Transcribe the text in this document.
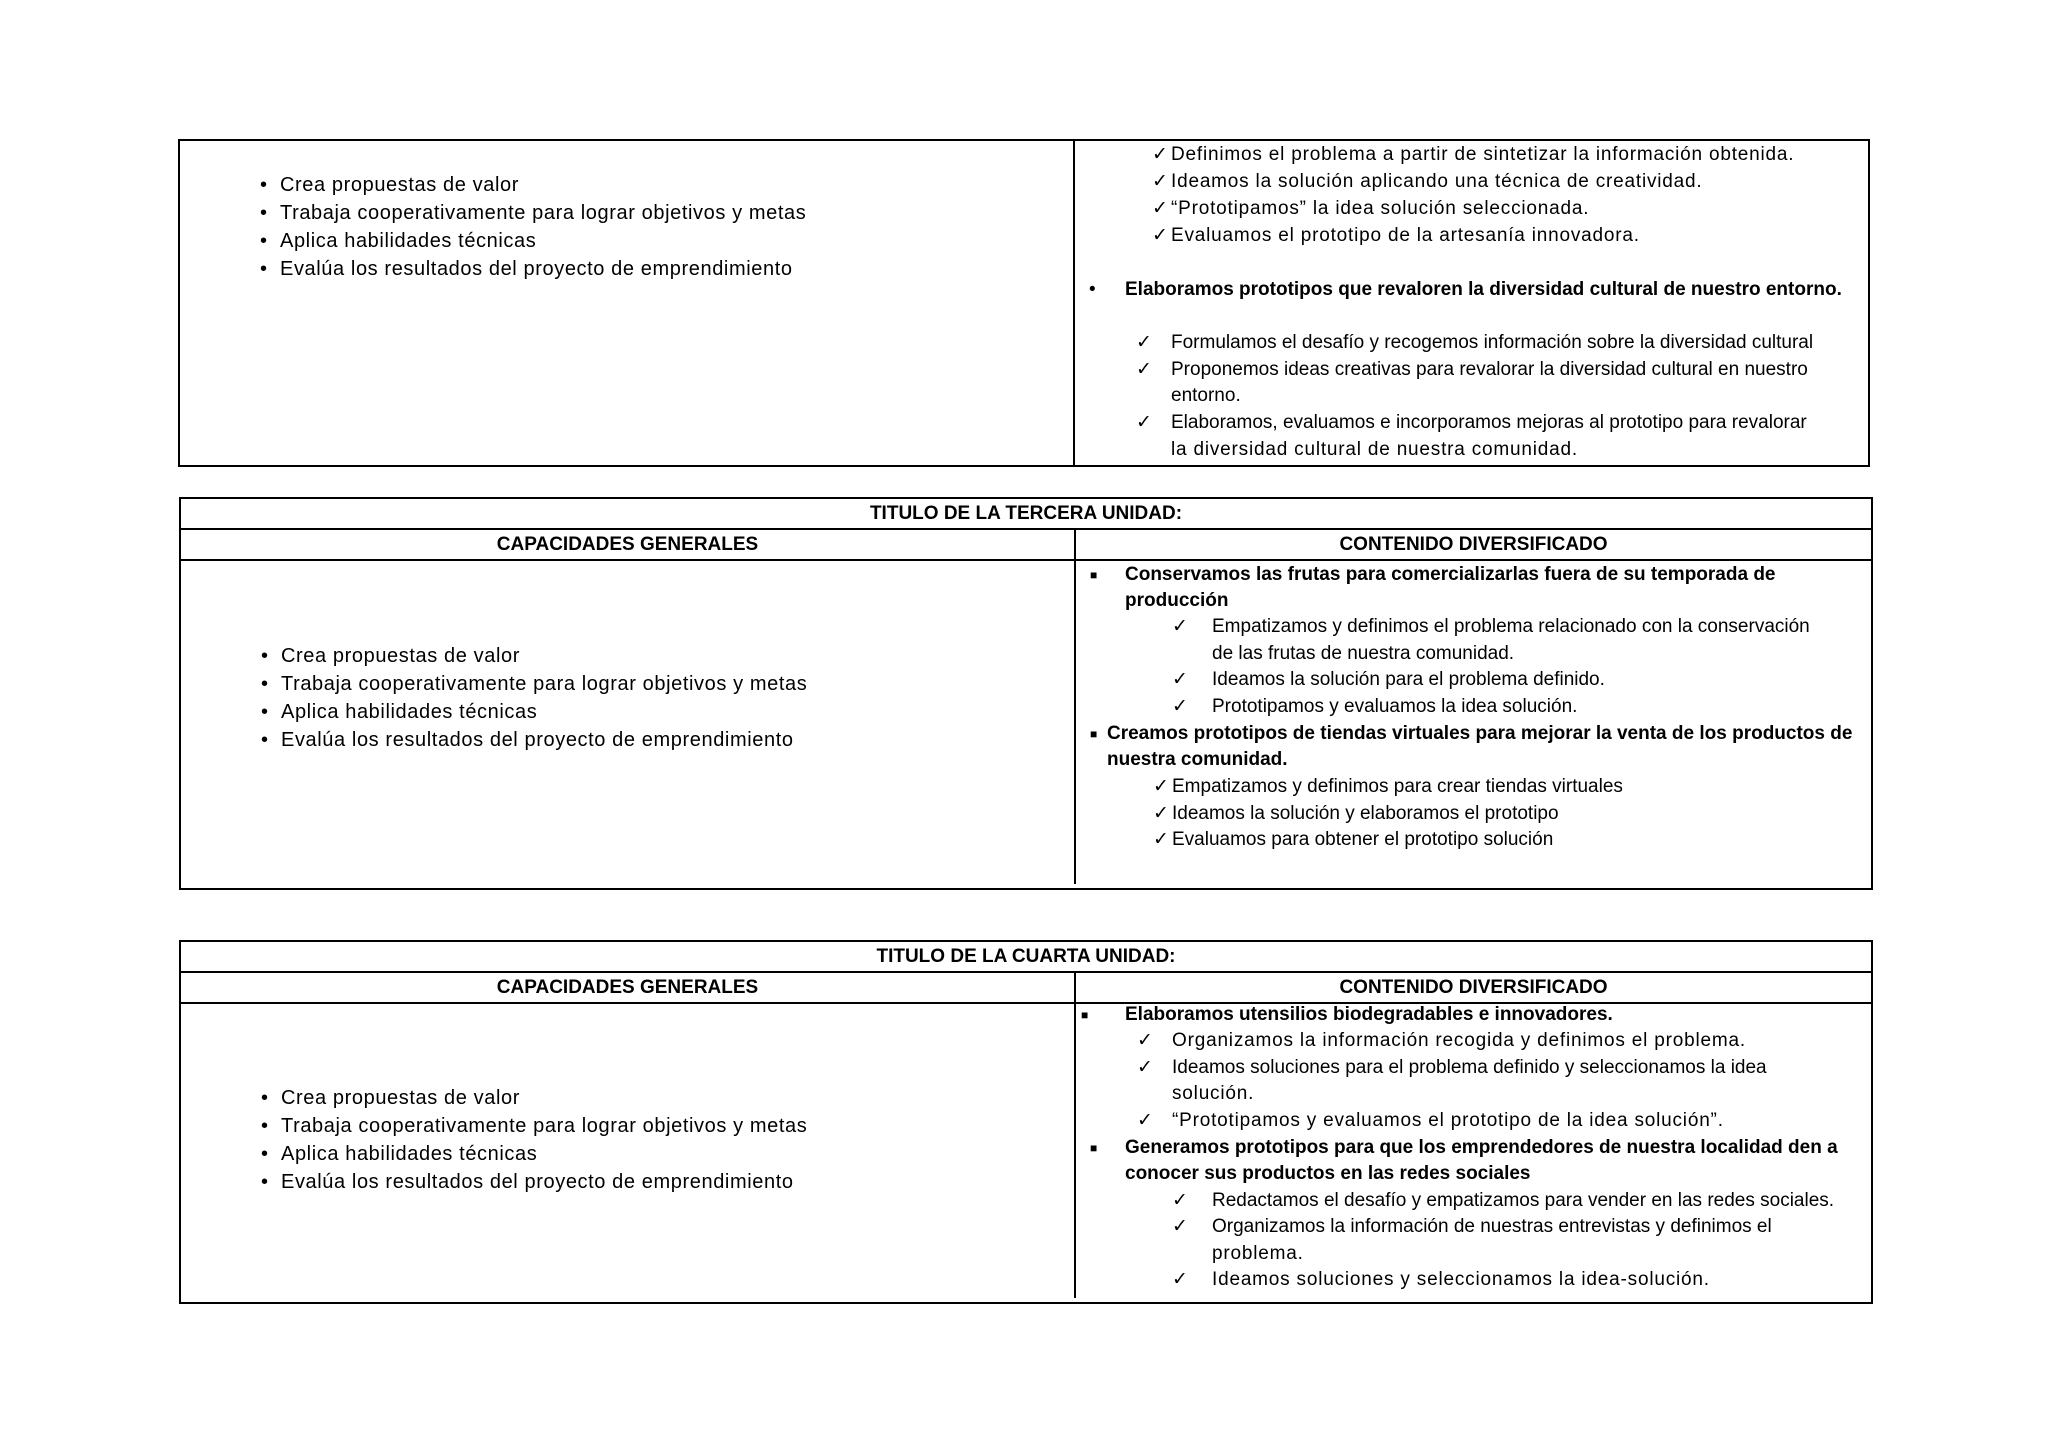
• Crea propuestas de valor
• Trabaja cooperativamente para lograr objetivos y metas
• Aplica habilidades técnicas
• Evalúa los resultados del proyecto de emprendimiento
✓ Definimos el problema a partir de sintetizar la información obtenida.
✓ Ideamos la solución aplicando una técnica de creatividad.
✓ “Prototipamos” la idea solución seleccionada.
✓ Evaluamos el prototipo de la artesanía innovadora.
• Elaboramos prototipos que revaloren la diversidad cultural de nuestro entorno.
✓ Formulamos el desafío y recogemos información sobre la diversidad cultural
✓ Proponemos ideas creativas para revalorar la diversidad cultural en nuestro
entorno.
✓ Elaboramos, evaluamos e incorporamos mejoras al prototipo para revalorar
la diversidad cultural de nuestra comunidad.
TITULO DE LA TERCERA UNIDAD:
CAPACIDADES GENERALES	CONTENIDO DIVERSIFICADO
• Crea propuestas de valor
• Trabaja cooperativamente para lograr objetivos y metas
• Aplica habilidades técnicas
• Evalúa los resultados del proyecto de emprendimiento
■ Conservamos las frutas para comercializarlas fuera de su temporada de
producción
✓ Empatizamos y definimos el problema relacionado con la conservación
de las frutas de nuestra comunidad.
✓ Ideamos la solución para el problema definido.
✓ Prototipamos y evaluamos la idea solución.
■ Creamos prototipos de tiendas virtuales para mejorar la venta de los productos de
nuestra comunidad.
✓ Empatizamos y definimos para crear tiendas virtuales
✓ Ideamos la solución y elaboramos el prototipo
✓ Evaluamos para obtener el prototipo solución
TITULO DE LA CUARTA UNIDAD:
CAPACIDADES GENERALES	CONTENIDO DIVERSIFICADO
• Crea propuestas de valor
• Trabaja cooperativamente para lograr objetivos y metas
• Aplica habilidades técnicas
• Evalúa los resultados del proyecto de emprendimiento
■ Elaboramos utensilios biodegradables e innovadores.
✓ Organizamos la información recogida y definimos el problema.
✓ Ideamos soluciones para el problema definido y seleccionamos la idea
solución.
✓ “Prototipamos y evaluamos el prototipo de la idea solución”.
■ Generamos prototipos para que los emprendedores de nuestra localidad den a
conocer sus productos en las redes sociales
✓ Redactamos el desafío y empatizamos para vender en las redes sociales.
✓ Organizamos la información de nuestras entrevistas y definimos el
problema.
✓ Ideamos soluciones y seleccionamos la idea-solución.
